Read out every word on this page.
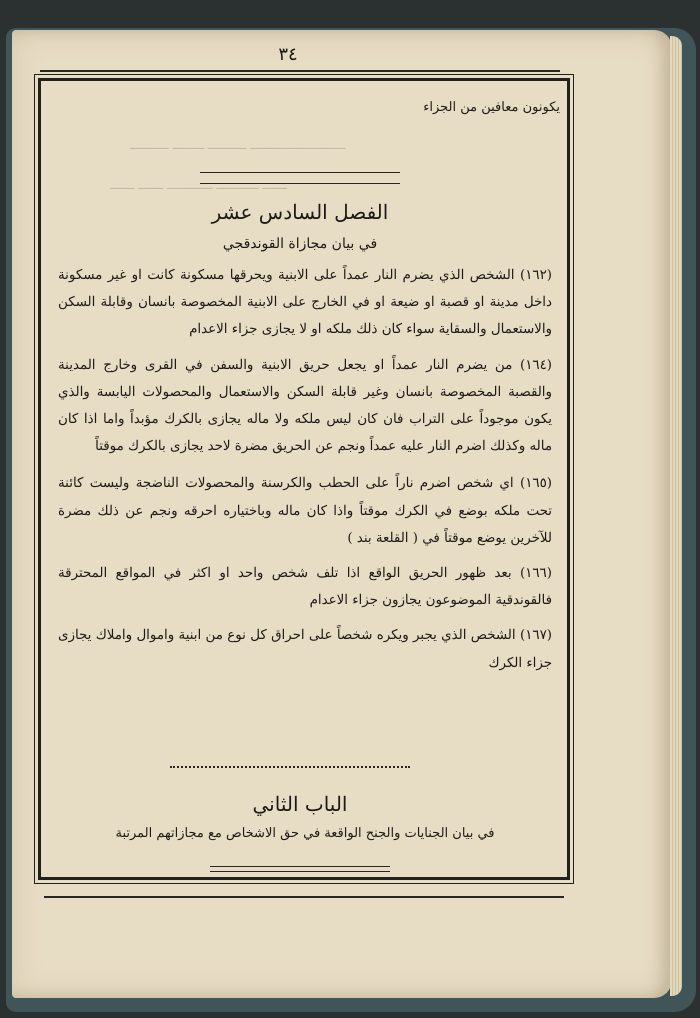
٣٤
يكونون معافين من الجزاء
ـــــــــــــــــــــــــــ ـــــــــــ ـــــــــ ـــــــــــ
ـــــــ ــــــــــــ ـــــــــــــ ـــــــ ـــــــ
الفصل السادس عشر
في بيان مجازاة القوندقجي

(١٦٢) الشخص الذي يضرم النار عمداً على الابنية ويحرقها مسكونة كانت او غير مسكونة داخل مدينة او قصبة او ضيعة او في الخارج على الابنية المخصوصة بانسان وقابلة السكن والاستعمال والسقاية سواء كان ذلك ملكه او لا يجازى جزاء الاعدام

(١٦٤) من يضرم النار عمداً او يجعل حريق الابنية والسفن في القرى وخارج المدينة والقصبة المخصوصة بانسان وغير قابلة السكن والاستعمال والمحصولات اليابسة والذي يكون موجوداً على التراب فان كان ليس ملكه ولا ماله يجازى بالكرك مؤبداً واما اذا كان ماله وكذلك اضرم النار عليه عمداً ونجم عن الحريق مضرة لاحد يجازى بالكرك موقتاً

(١٦٥) اي شخص اضرم ناراً على الحطب والكرسنة والمحصولات الناضجة وليست كائنة تحت ملكه بوضع في الكرك موقتاً واذا كان ماله وباختياره احرقه ونجم عن ذلك مضرة للآخرين يوضع موقتاً في ( القلعة بند )

(١٦٦) بعد ظهور الحريق الواقع اذا تلف شخص واحد او اكثر في المواقع المحترقة فالقوندقية الموضوعون يجازون جزاء الاعدام

(١٦٧) الشخص الذي يجبر ويكره شخصاً على احراق كل نوع من ابنية واموال واملاك يجازى جزاء الكرك

الباب الثاني
في بيان الجنايات والجنح الواقعة في حق الاشخاص مع مجازاتهم المرتبة
